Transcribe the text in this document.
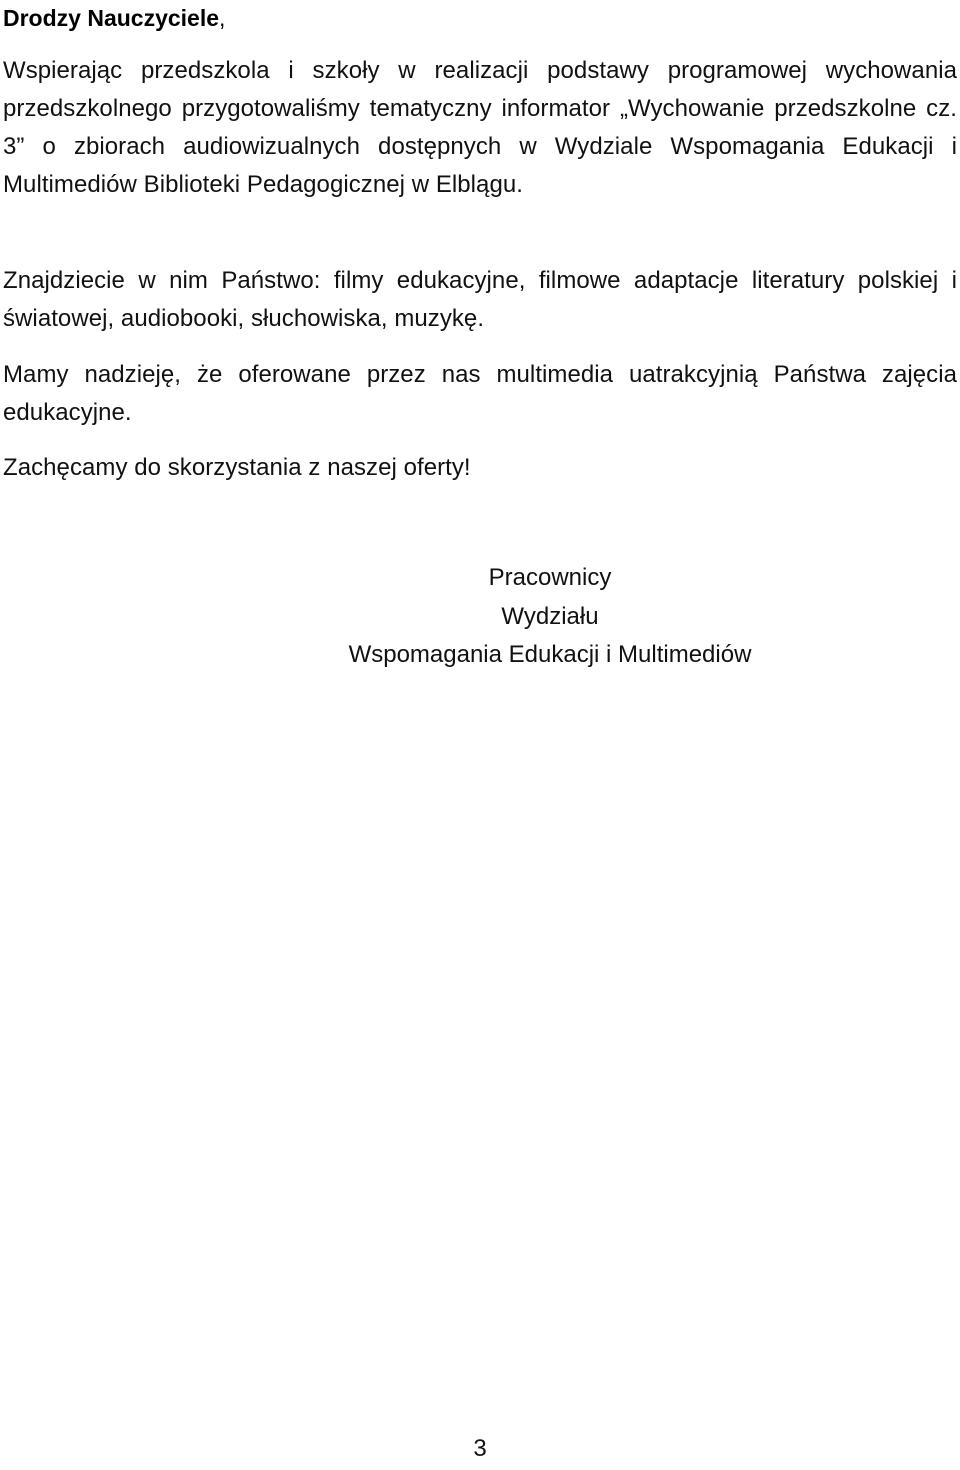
Drodzy Nauczyciele,

Wspierając przedszkola i szkoły w realizacji podstawy programowej wychowania przedszkolnego przygotowaliśmy tematyczny informator „Wychowanie przedszkolne cz. 3” o zbiorach audiowizualnych dostępnych w Wydziale Wspomagania Edukacji i Multimediów Biblioteki Pedagogicznej w Elblągu.

Znajdziecie w nim Państwo: filmy edukacyjne, filmowe adaptacje literatury polskiej i światowej, audiobooki, słuchowiska, muzykę.

Mamy nadzieję, że oferowane przez nas multimedia uatrakcyjnią Państwa zajęcia edukacyjne.

Zachęcamy do skorzystania z naszej oferty!

Pracownicy
Wydziału
Wspomagania Edukacji i Multimediów
3
